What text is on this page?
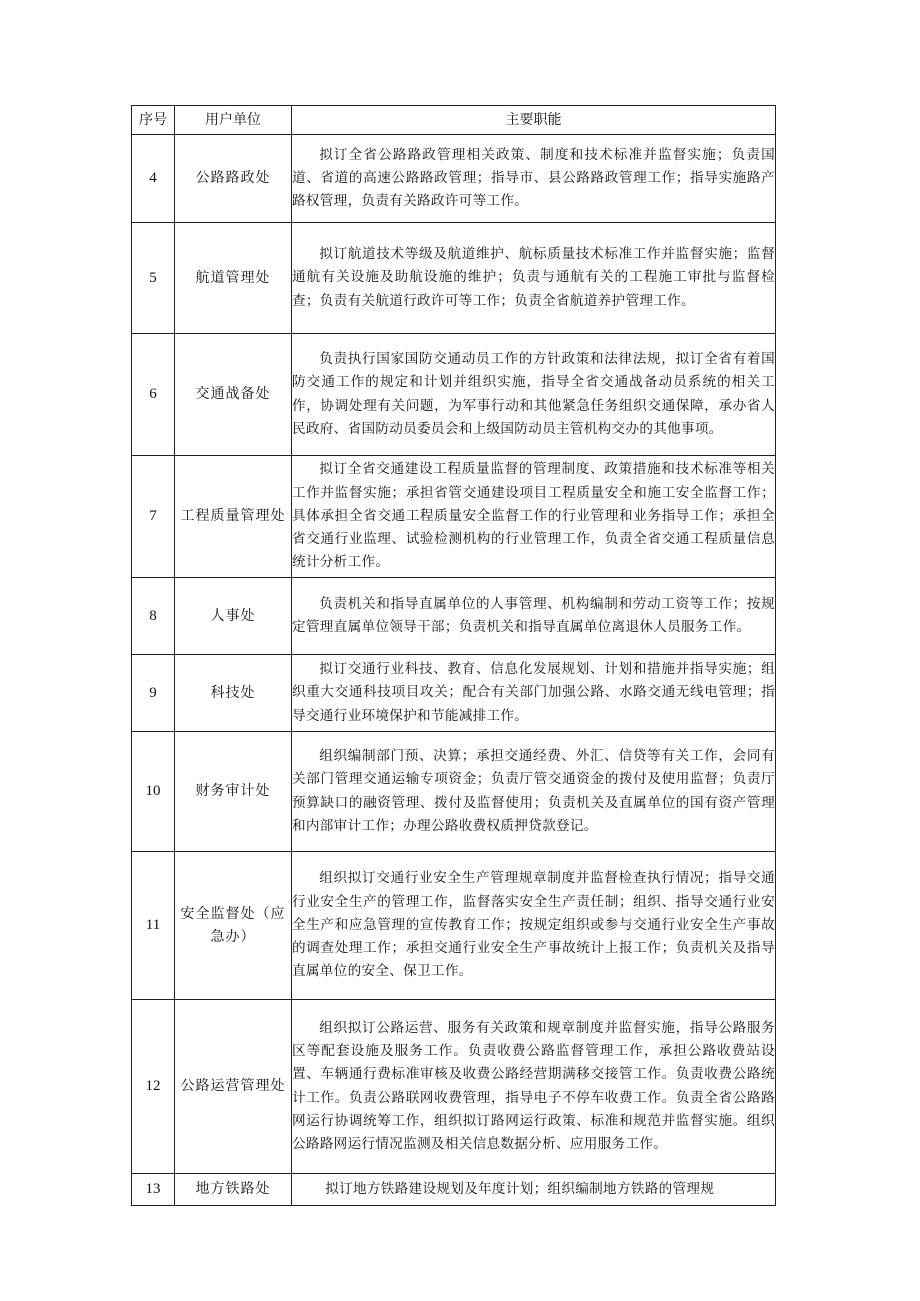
序号	用户单位	主要职能
4	公路路政处	拟订全省公路路政管理相关政策、制度和技术标准并监督实施；负责国道、省道的高速公路路政管理；指导市、县公路路政管理工作；指导实施路产路权管理，负责有关路政许可等工作。
5	航道管理处	拟订航道技术等级及航道维护、航标质量技术标准工作并监督实施；监督通航有关设施及助航设施的维护；负责与通航有关的工程施工审批与监督检查；负责有关航道行政许可等工作；负责全省航道养护管理工作。
6	交通战备处	负责执行国家国防交通动员工作的方针政策和法律法规，拟订全省有着国防交通工作的规定和计划并组织实施，指导全省交通战备动员系统的相关工作，协调处理有关问题，为军事行动和其他紧急任务组织交通保障，承办省人民政府、省国防动员委员会和上级国防动员主管机构交办的其他事项。
7	工程质量管理处	拟订全省交通建设工程质量监督的管理制度、政策措施和技术标准等相关工作并监督实施；承担省管交通建设项目工程质量安全和施工安全监督工作；具体承担全省交通工程质量安全监督工作的行业管理和业务指导工作；承担全省交通行业监理、试验检测机构的行业管理工作，负责全省交通工程质量信息统计分析工作。
8	人事处	负责机关和指导直属单位的人事管理、机构编制和劳动工资等工作；按规定管理直属单位领导干部；负责机关和指导直属单位离退休人员服务工作。
9	科技处	拟订交通行业科技、教育、信息化发展规划、计划和措施并指导实施；组织重大交通科技项目攻关；配合有关部门加强公路、水路交通无线电管理；指导交通行业环境保护和节能减排工作。
10	财务审计处	组织编制部门预、决算；承担交通经费、外汇、信贷等有关工作，会同有关部门管理交通运输专项资金；负责厅管交通资金的拨付及使用监督；负责厅预算缺口的融资管理、拨付及监督使用；负责机关及直属单位的国有资产管理和内部审计工作；办理公路收费权质押贷款登记。
11	安全监督处（应急办）	组织拟订交通行业安全生产管理规章制度并监督检查执行情况；指导交通行业安全生产的管理工作，监督落实安全生产责任制；组织、指导交通行业安全生产和应急管理的宣传教育工作；按规定组织或参与交通行业安全生产事故的调查处理工作；承担交通行业安全生产事故统计上报工作；负责机关及指导直属单位的安全、保卫工作。
12	公路运营管理处	组织拟订公路运营、服务有关政策和规章制度并监督实施，指导公路服务区等配套设施及服务工作。负责收费公路监督管理工作，承担公路收费站设置、车辆通行费标准审核及收费公路经营期满移交接管工作。负责收费公路统计工作。负责公路联网收费管理，指导电子不停车收费工作。负责全省公路路网运行协调统筹工作，组织拟订路网运行政策、标准和规范并监督实施。组织公路路网运行情况监测及相关信息数据分析、应用服务工作。
13	地方铁路处	拟订地方铁路建设规划及年度计划；组织编制地方铁路的管理规
